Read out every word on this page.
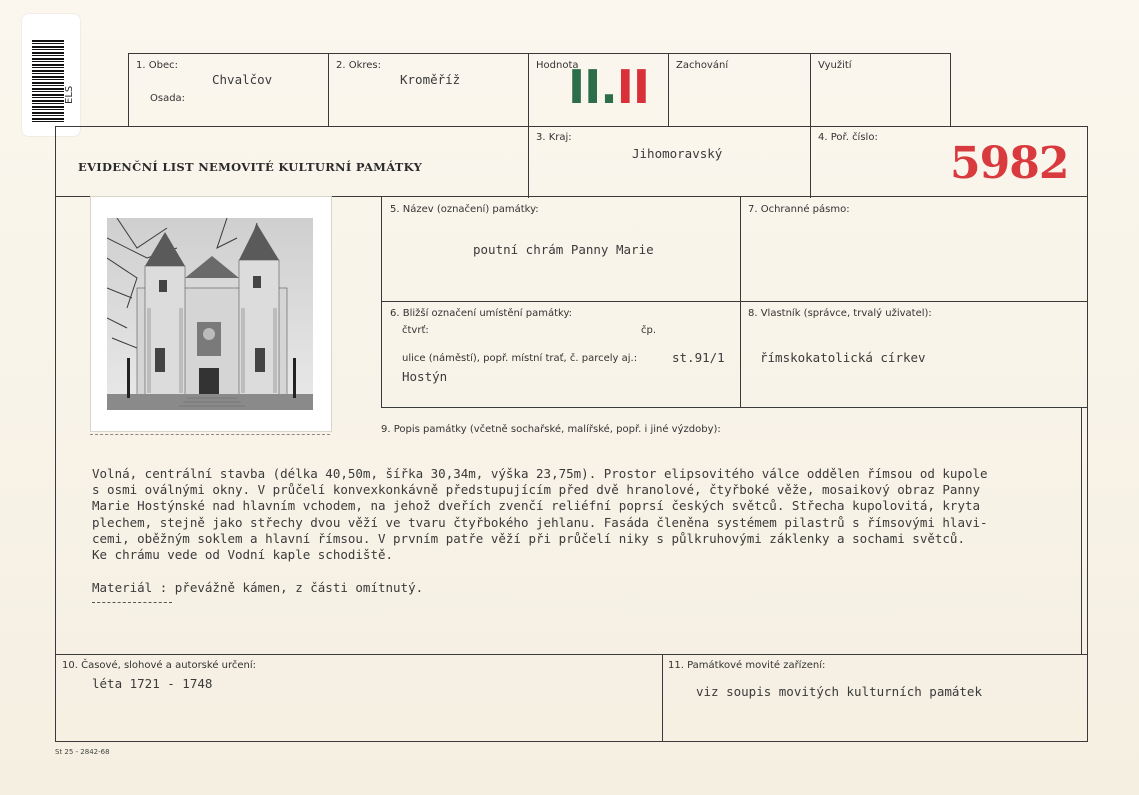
ELS
1. Obec:
Chvalčov
Osada:
2. Okres:
Kroměříž
Hodnota
II.II	Zachování	Využití
EVIDENČNÍ LIST NEMOVITÉ KULTURNÍ PAMÁTKY
3. Kraj:
Jihomoravský
4. Poř. číslo:
5982
5. Název (označení) památky:
poutní chrám Panny Marie
7. Ochranné pásmo:
6. Bližší označení umístění památky:
čtvrť:	čp.
ulice (náměstí), popř. místní trať, č. parcely aj.:	st.91/1
Hostýn
8. Vlastník (správce, trvalý uživatel):
římskokatolická církev
9. Popis památky (včetně sochařské, malířské, popř. i jiné výzdoby):
Volná, centrální stavba (délka 40,50m, šířka 30,34m, výška 23,75m). Prostor elipsovitého válce oddělen římsou od kupole
s osmi oválnými okny. V průčelí konvexkonkávně předstupujícím před dvě hranolové, čtyřboké věže, mosaikový obraz Panny
Marie Hostýnské nad hlavním vchodem, na jehož dveřích zvenčí reliéfní poprsí českých světců. Střecha kupolovitá, kryta
plechem, stejně jako střechy dvou věží ve tvaru čtyřbokého jehlanu. Fasáda členěna systémem pilastrů s římsovými hlavi-
cemi, oběžným soklem a hlavní římsou. V prvním patře věží při průčelí niky s půlkruhovými záklenky a sochami světců.
Ke chrámu vede od Vodní kaple schodiště.
Materiál : převážně kámen, z části omítnutý.
10. Časové, slohové a autorské určení:
léta 1721 - 1748
11. Památkové movité zařízení:
viz soupis movitých kulturních památek
St 25 - 2842-68
